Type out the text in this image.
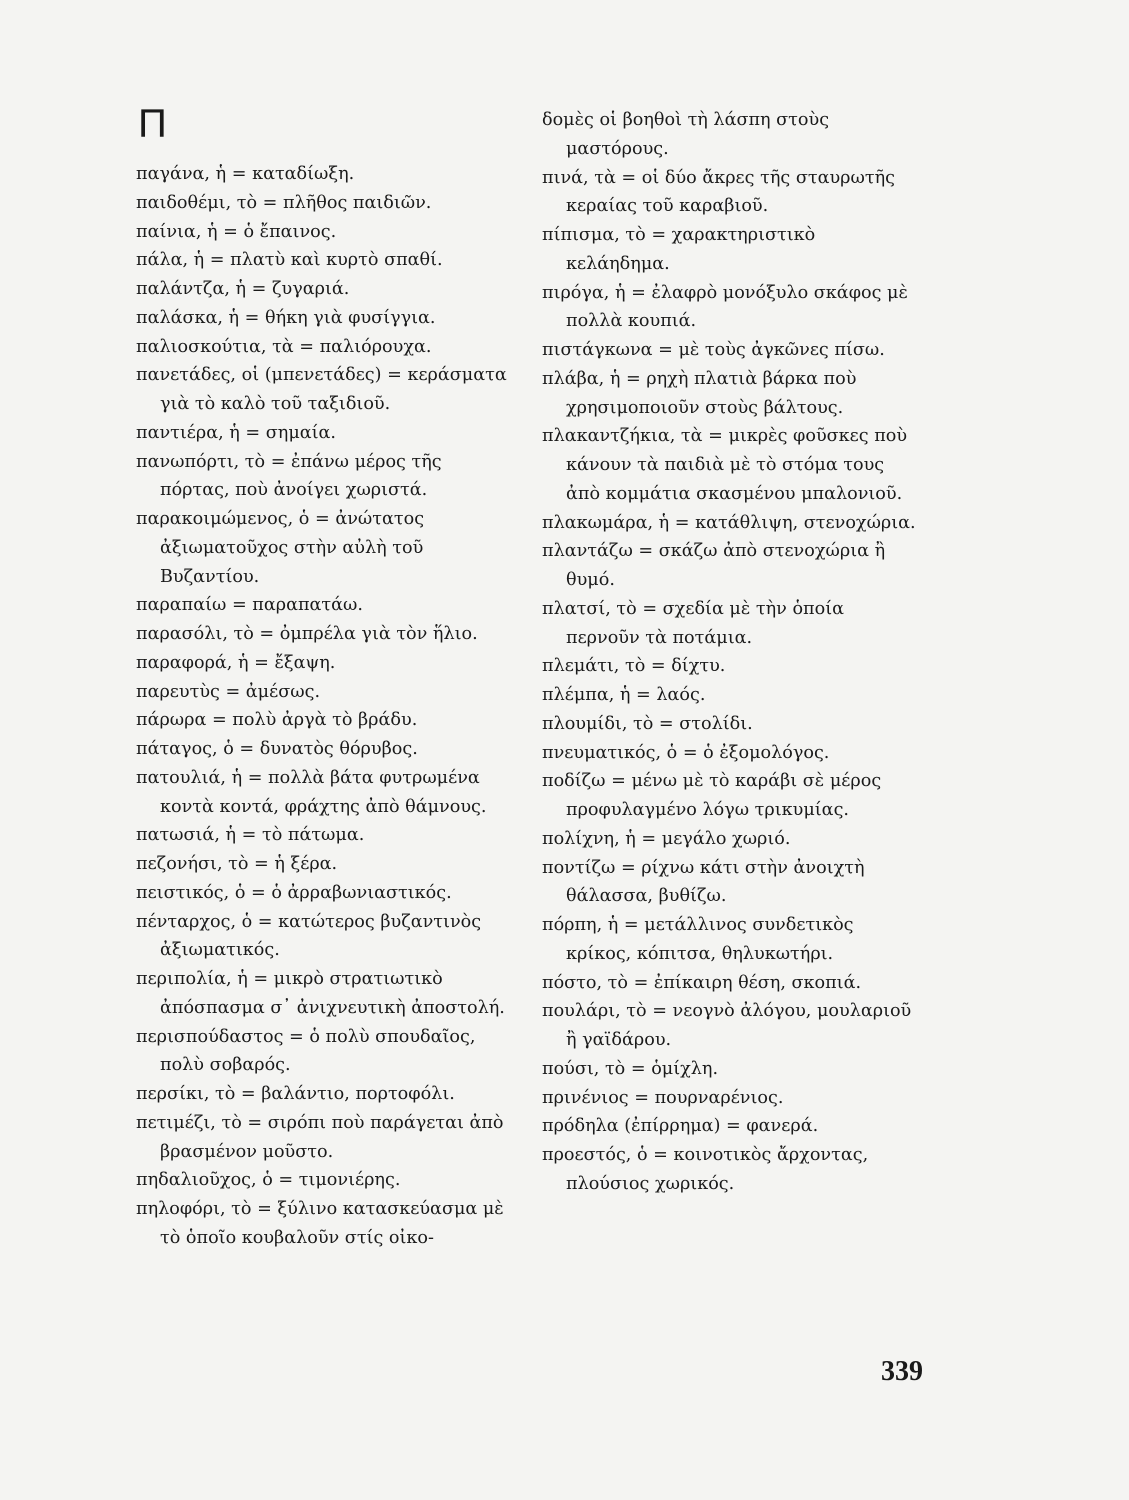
Π
παγάνα, ἡ = καταδίωξη.
παιδοθέμι, τὸ = πλῆθος παιδιῶν.
παίνια, ἡ = ὁ ἔπαινος.
πάλα, ἡ = πλατὺ καὶ κυρτὸ σπαθί.
παλάντζα, ἡ = ζυγαριά.
παλάσκα, ἡ = θήκη γιὰ φυσίγγια.
παλιοσκούτια, τὰ = παλιόρουχα.
πανετάδες, οἱ (μπενετάδες) = κεράσματα γιὰ τὸ καλὸ τοῦ ταξιδιοῦ.
παντιέρα, ἡ = σημαία.
πανωπόρτι, τὸ = ἐπάνω μέρος τῆς πόρτας, ποὺ ἀνοίγει χωριστά.
παρακοιμώμενος, ὁ = ἀνώτατος ἀξιωματοῦχος στὴν αὐλὴ τοῦ Βυζαντίου.
παραπαίω = παραπατάω.
παρασόλι, τὸ = ὀμπρέλα γιὰ τὸν ἥλιο.
παραφορά, ἡ = ἔξαψη.
παρευτὺς = ἀμέσως.
πάρωρα = πολὺ ἀργὰ τὸ βράδυ.
πάταγος, ὁ = δυνατὸς θόρυβος.
πατουλιά, ἡ = πολλὰ βάτα φυτρωμένα κοντὰ κοντά, φράχτης ἀπὸ θάμνους.
πατωσιά, ἡ = τὸ πάτωμα.
πεζονήσι, τὸ = ἡ ξέρα.
πειστικός, ὁ = ὁ ἀρραβωνιαστικός.
πένταρχος, ὁ = κατώτερος βυζαντινὸς ἀξιωματικός.
περιπολία, ἡ = μικρὸ στρατιωτικὸ ἀπόσπασμα σ᾽ ἀνιχνευτικὴ ἀποστολή.
περισπούδαστος = ὁ πολὺ σπουδαῖος, πολὺ σοβαρός.
περσίκι, τὸ = βαλάντιο, πορτοφόλι.
πετιμέζι, τὸ = σιρόπι ποὺ παράγεται ἀπὸ βρασμένον μοῦστο.
πηδαλιοῦχος, ὁ = τιμονιέρης.
πηλοφόρι, τὸ = ξύλινο κατασκεύασμα μὲ τὸ ὁποῖο κουβαλοῦν στίς οἰκο-
δομὲς οἱ βοηθοὶ τὴ λάσπη στοὺς μαστόρους.
πινά, τὰ = οἱ δύο ἄκρες τῆς σταυρωτῆς κεραίας τοῦ καραβιοῦ.
πίπισμα, τὸ = χαρακτηριστικὸ κελάηδημα.
πιρόγα, ἡ = ἐλαφρὸ μονόξυλο σκάφος μὲ πολλὰ κουπιά.
πιστάγκωνα = μὲ τοὺς ἀγκῶνες πίσω.
πλάβα, ἡ = ρηχὴ πλατιὰ βάρκα ποὺ χρησιμοποιοῦν στοὺς βάλτους.
πλακαντζήκια, τὰ = μικρὲς φοῦσκες ποὺ κάνουν τὰ παιδιὰ μὲ τὸ στόμα τους ἀπὸ κομμάτια σκασμένου μπαλονιοῦ.
πλακωμάρα, ἡ = κατάθλιψη, στενοχώρια.
πλαντάζω = σκάζω ἀπὸ στενοχώρια ἢ θυμό.
πλατσί, τὸ = σχεδία μὲ τὴν ὁποία περνοῦν τὰ ποτάμια.
πλεμάτι, τὸ = δίχτυ.
πλέμπα, ἡ = λαός.
πλουμίδι, τὸ = στολίδι.
πνευματικός, ὁ = ὁ ἐξομολόγος.
ποδίζω = μένω μὲ τὸ καράβι σὲ μέρος προφυλαγμένο λόγω τρικυμίας.
πολίχνη, ἡ = μεγάλο χωριό.
ποντίζω = ρίχνω κάτι στὴν ἀνοιχτὴ θάλασσα, βυθίζω.
πόρπη, ἡ = μετάλλινος συνδετικὸς κρίκος, κόπιτσα, θηλυκωτήρι.
πόστο, τὸ = ἐπίκαιρη θέση, σκοπιά.
πουλάρι, τὸ = νεογνὸ ἀλόγου, μουλαριοῦ ἢ γαϊδάρου.
πούσι, τὸ = ὁμίχλη.
πρινένιος = πουρναρένιος.
πρόδηλα (ἐπίρρημα) = φανερά.
προεστός, ὁ = κοινοτικὸς ἄρχοντας, πλούσιος χωρικός.
339
